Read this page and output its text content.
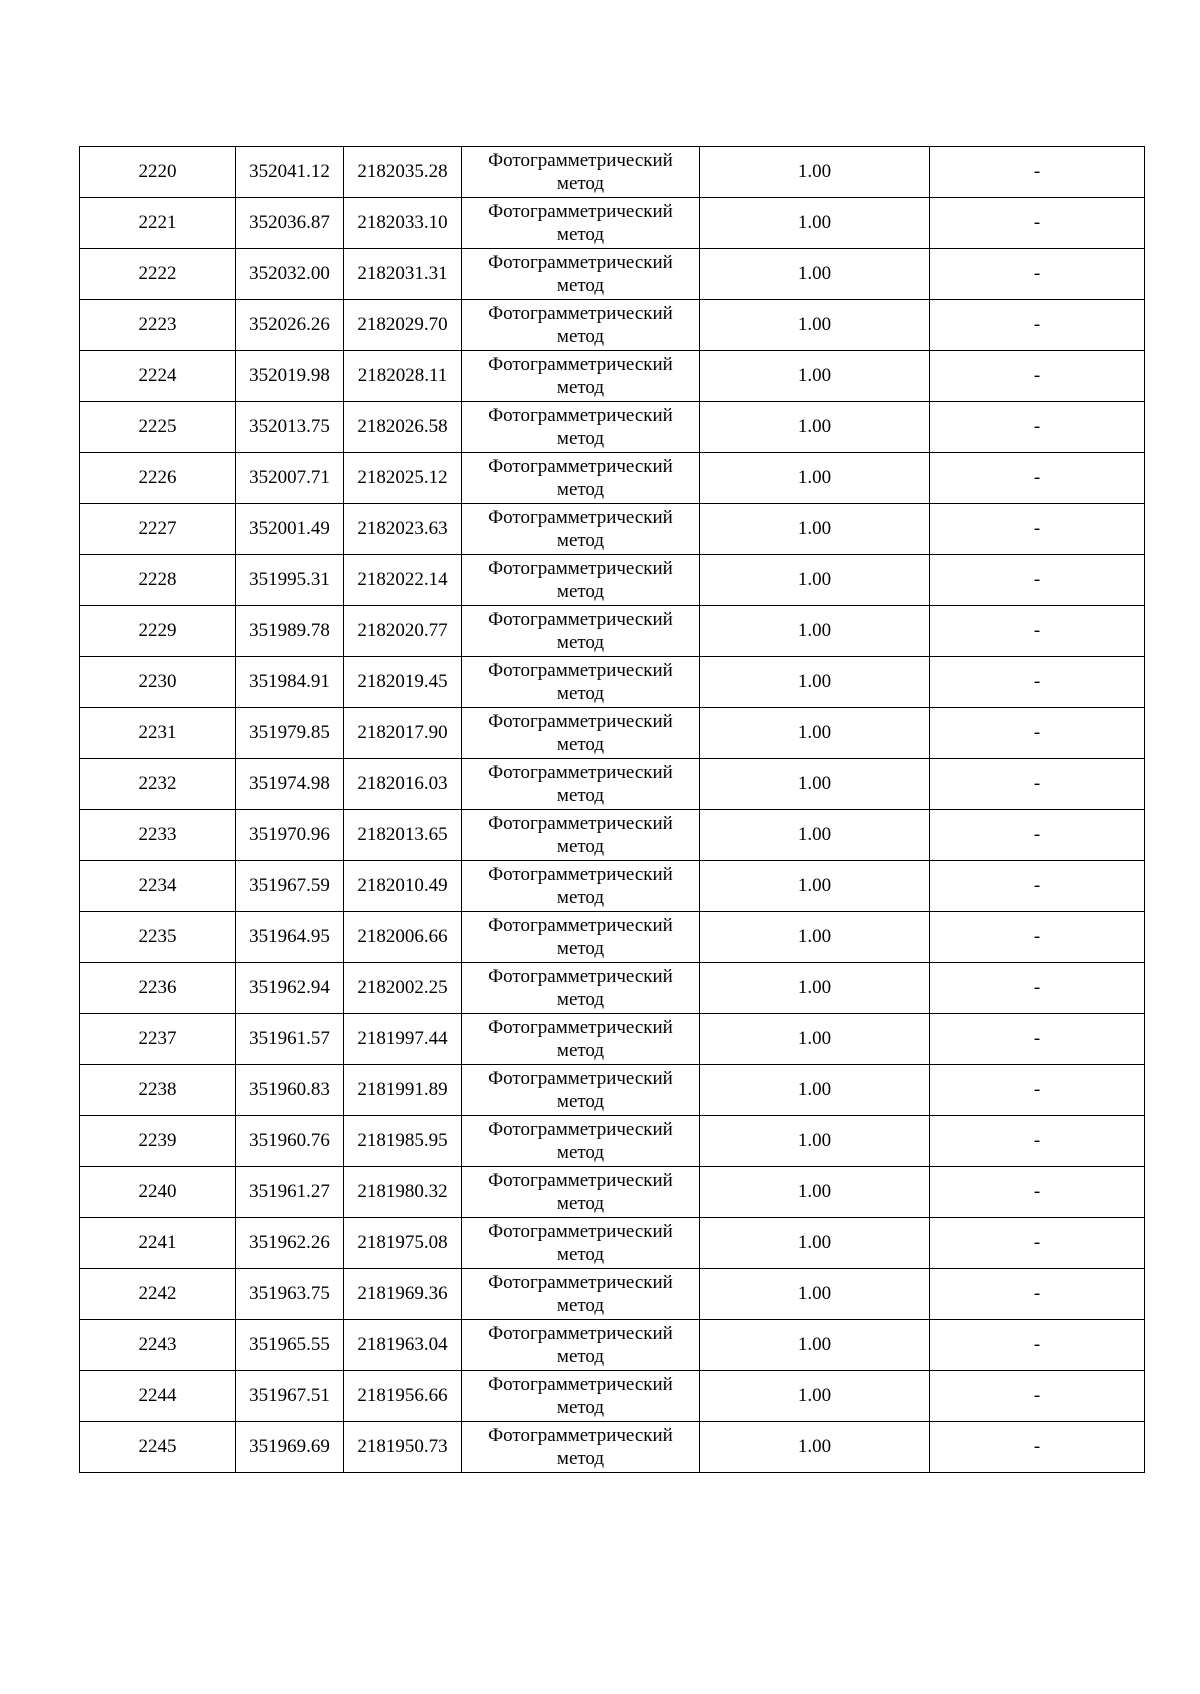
2220	352041.12	2182035.28	Фотограмметрический метод	1.00	-
2221	352036.87	2182033.10	Фотограмметрический метод	1.00	-
2222	352032.00	2182031.31	Фотограмметрический метод	1.00	-
2223	352026.26	2182029.70	Фотограмметрический метод	1.00	-
2224	352019.98	2182028.11	Фотограмметрический метод	1.00	-
2225	352013.75	2182026.58	Фотограмметрический метод	1.00	-
2226	352007.71	2182025.12	Фотограмметрический метод	1.00	-
2227	352001.49	2182023.63	Фотограмметрический метод	1.00	-
2228	351995.31	2182022.14	Фотограмметрический метод	1.00	-
2229	351989.78	2182020.77	Фотограмметрический метод	1.00	-
2230	351984.91	2182019.45	Фотограмметрический метод	1.00	-
2231	351979.85	2182017.90	Фотограмметрический метод	1.00	-
2232	351974.98	2182016.03	Фотограмметрический метод	1.00	-
2233	351970.96	2182013.65	Фотограмметрический метод	1.00	-
2234	351967.59	2182010.49	Фотограмметрический метод	1.00	-
2235	351964.95	2182006.66	Фотограмметрический метод	1.00	-
2236	351962.94	2182002.25	Фотограмметрический метод	1.00	-
2237	351961.57	2181997.44	Фотограмметрический метод	1.00	-
2238	351960.83	2181991.89	Фотограмметрический метод	1.00	-
2239	351960.76	2181985.95	Фотограмметрический метод	1.00	-
2240	351961.27	2181980.32	Фотограмметрический метод	1.00	-
2241	351962.26	2181975.08	Фотограмметрический метод	1.00	-
2242	351963.75	2181969.36	Фотограмметрический метод	1.00	-
2243	351965.55	2181963.04	Фотограмметрический метод	1.00	-
2244	351967.51	2181956.66	Фотограмметрический метод	1.00	-
2245	351969.69	2181950.73	Фотограмметрический метод	1.00	-
